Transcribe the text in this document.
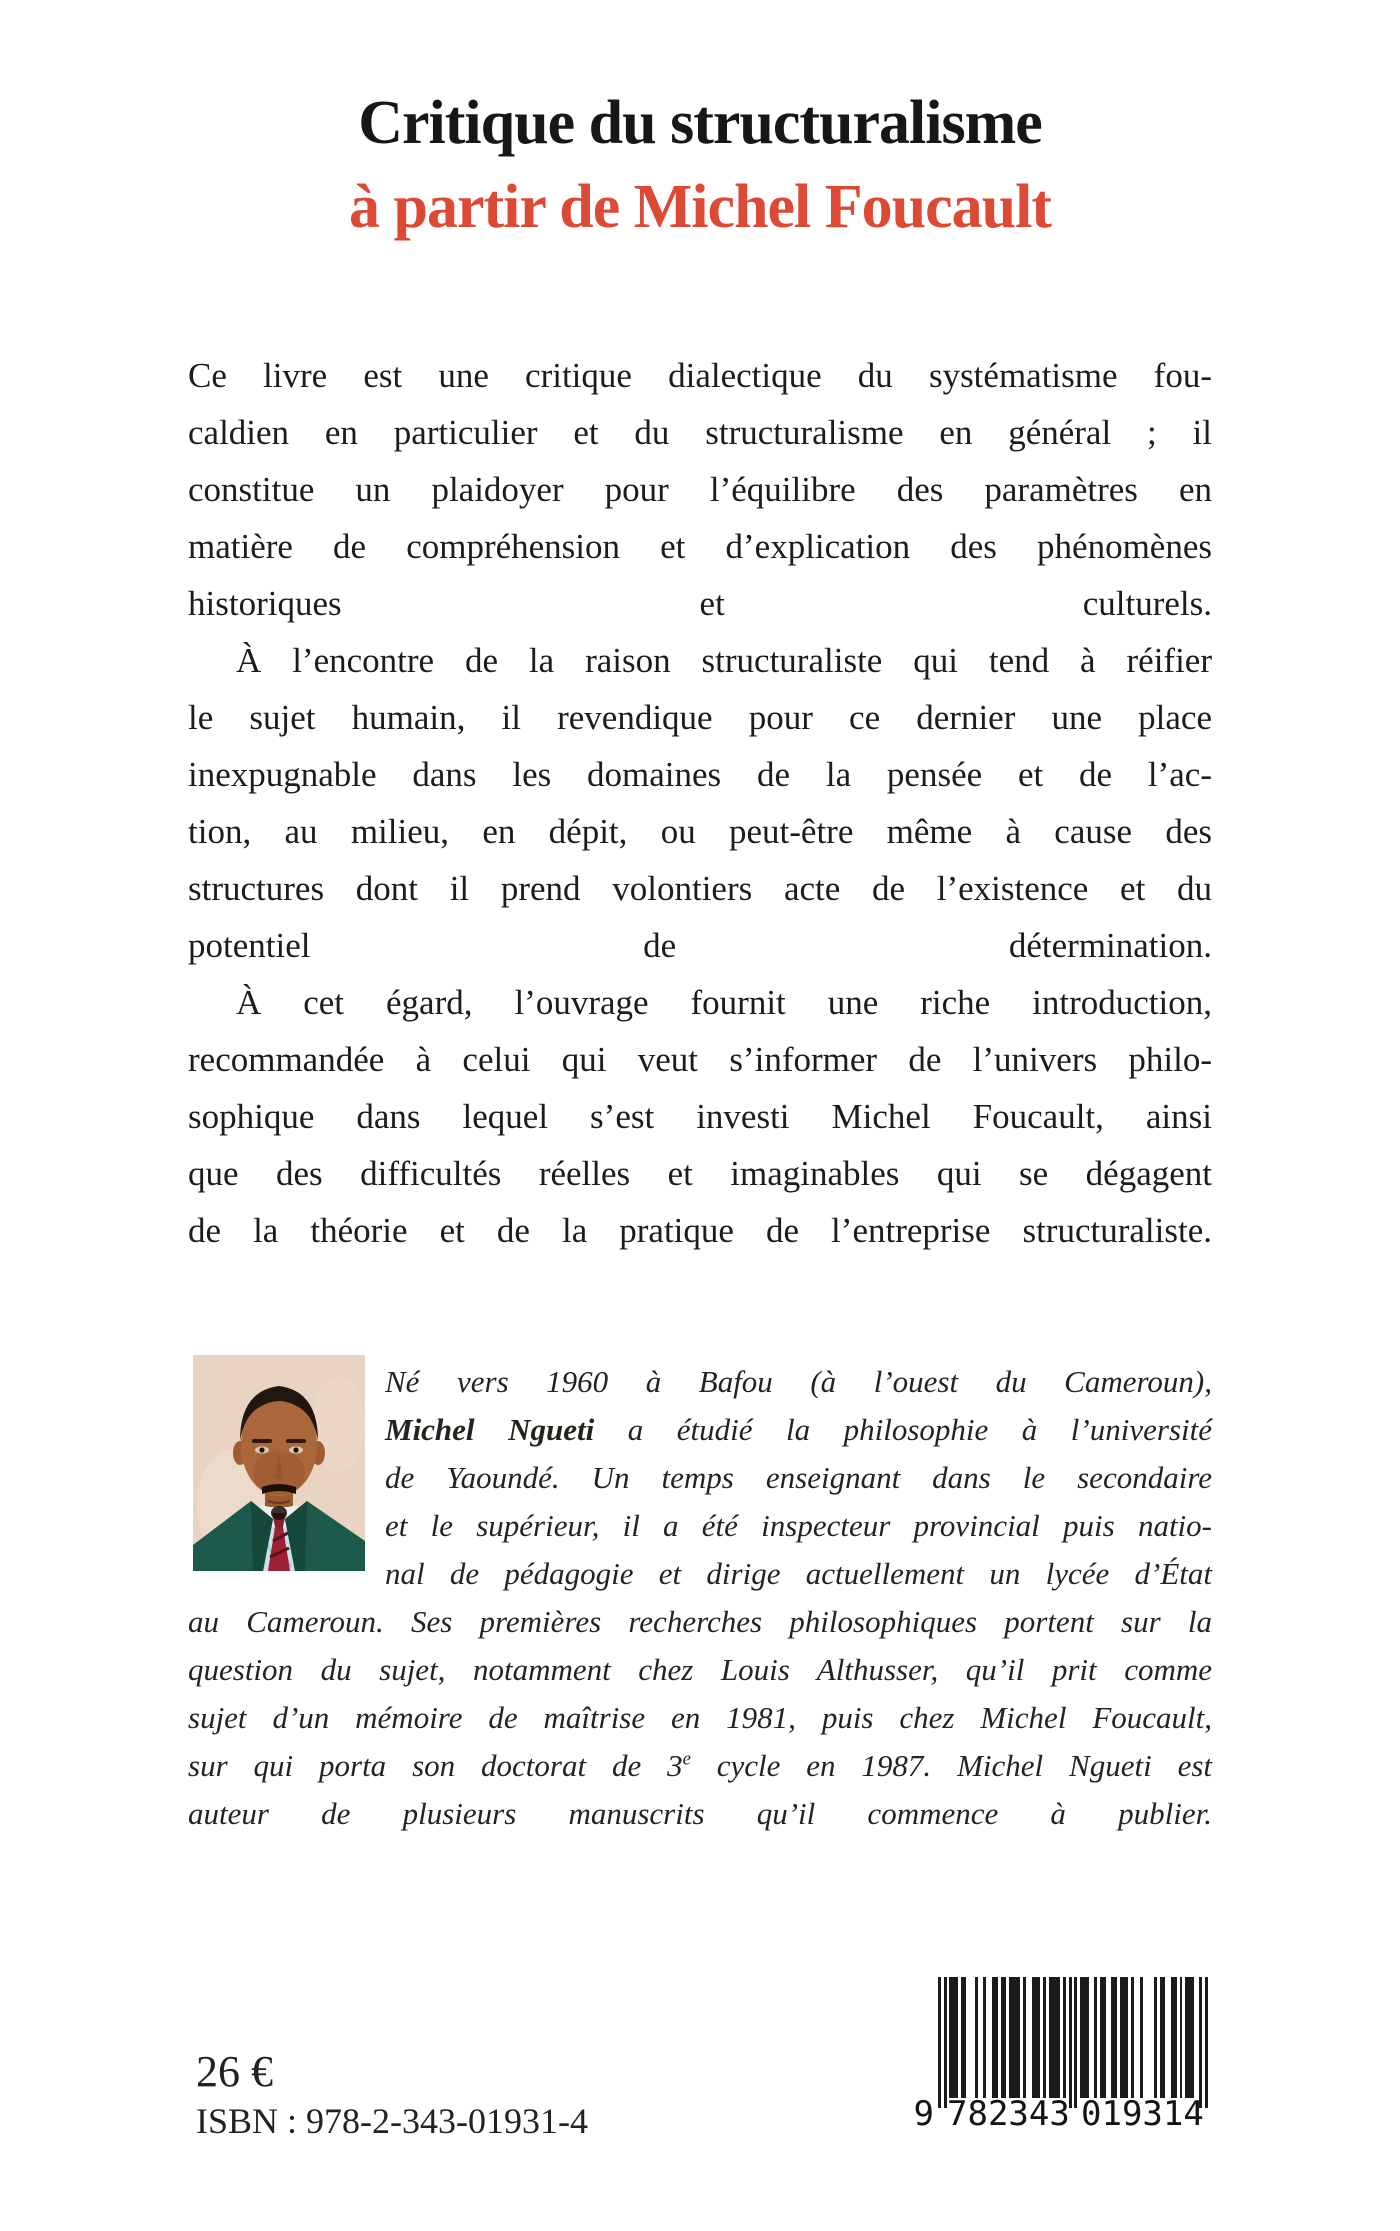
Critique du structuralisme
à partir de Michel Foucault
Ce livre est une critique dialectique du systématisme fou-
caldien en particulier et du structuralisme en général ; il
constitue un plaidoyer pour l’équilibre des paramètres en
matière de compréhension et d’explication des phénomènes
historiques et culturels.
À l’encontre de la raison structuraliste qui tend à réifier
le sujet humain, il revendique pour ce dernier une place
inexpugnable dans les domaines de la pensée et de l’ac-
tion, au milieu, en dépit, ou peut-être même à cause des
structures dont il prend volontiers acte de l’existence et du
potentiel de détermination.
À cet égard, l’ouvrage fournit une riche introduction,
recommandée à celui qui veut s’informer de l’univers philo-
sophique dans lequel s’est investi Michel Foucault, ainsi
que des difficultés réelles et imaginables qui se dégagent
de la théorie et de la pratique de l’entreprise structuraliste.
Né vers 1960 à Bafou (à l’ouest du Cameroun),
Michel Ngueti a étudié la philosophie à l’université
de Yaoundé. Un temps enseignant dans le secondaire
et le supérieur, il a été inspecteur provincial puis natio-
nal de pédagogie et dirige actuellement un lycée d’État
au Cameroun. Ses premières recherches philosophiques portent sur la
question du sujet, notamment chez Louis Althusser, qu’il prit comme
sujet d’un mémoire de maîtrise en 1981, puis chez Michel Foucault,
sur qui porta son doctorat de 3e cycle en 1987. Michel Ngueti est
auteur de plusieurs manuscrits qu’il commence à publier.
26 €
ISBN : 978-2-343-01931-4	9 782343 019314
